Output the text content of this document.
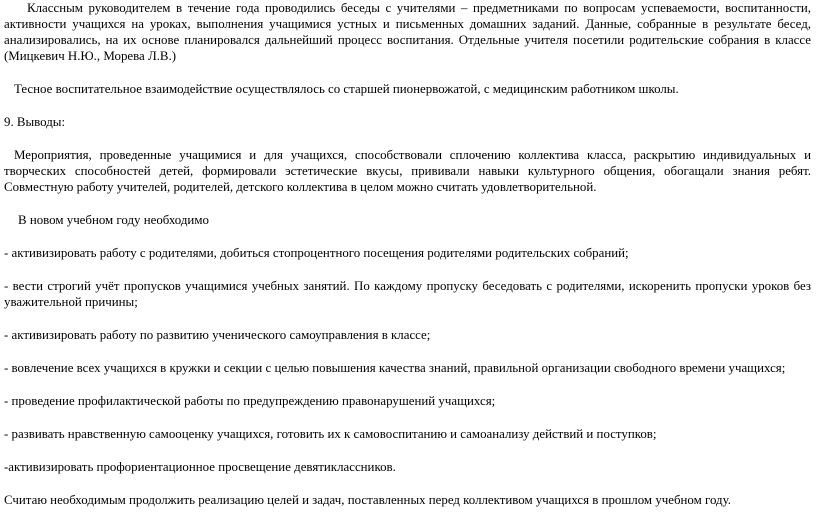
Классным руководителем в течение года проводились беседы с учителями – предметниками по вопросам успеваемости, воспитанности, активности учащихся на уроках, выполнения учащимися устных и письменных домашних заданий. Данные, собранные в результате бесед, анализировались, на их основе планировался дальнейший процесс воспитания. Отдельные учителя посетили родительские собрания в классе (Мицкевич Н.Ю., Морева Л.В.)

Тесное воспитательное взаимодействие осуществлялось со старшей пионервожатой, с медицинским работником школы.

9. Выводы:

Мероприятия, проведенные учащимися и для учащихся, способствовали сплочению коллектива класса, раскрытию индивидуальных и творческих способностей детей, формировали эстетические вкусы, прививали навыки культурного общения, обогащали знания ребят. Совместную работу учителей, родителей, детского коллектива в целом можно считать удовлетворительной.

В новом учебном году необходимо

- активизировать работу с родителями, добиться стопроцентного посещения родителями родительских собраний;

- вести строгий учёт пропусков учащимися учебных занятий. По каждому пропуску беседовать с родителями, искоренить пропуски уроков без уважительной причины;

- активизировать работу по развитию ученического самоуправления в классе;

- вовлечение всех учащихся в кружки и секции с целью повышения качества знаний, правильной организации свободного времени учащихся;

- проведение профилактической работы по предупреждению правонарушений учащихся;

- развивать нравственную самооценку учащихся, готовить их к самовоспитанию и самоанализу действий и поступков;

-активизировать профориентационное просвещение девятиклассников.

Считаю необходимым продолжить реализацию целей и задач, поставленных перед коллективом учащихся в прошлом учебном году.
